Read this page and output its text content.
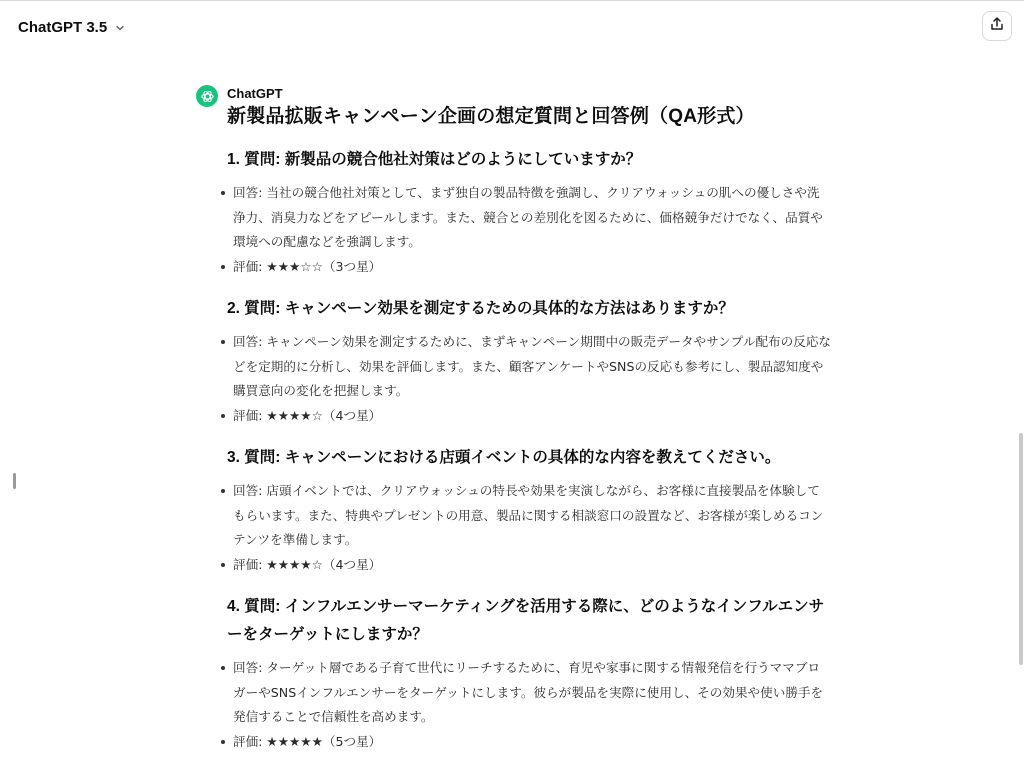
ChatGPT 3.5
ChatGPT
新製品拡販キャンペーン企画の想定質問と回答例（QA形式）
1. 質問: 新製品の競合他社対策はどのようにしていますか？
回答: 当社の競合他社対策として、まず独自の製品特徴を強調し、クリアウォッシュの肌への優しさや洗浄力、消臭力などをアピールします。また、競合との差別化を図るために、価格競争だけでなく、品質や環境への配慮などを強調します。
評価: ★★★☆☆（3つ星）
2. 質問: キャンペーン効果を測定するための具体的な方法はありますか？
回答: キャンペーン効果を測定するために、まずキャンペーン期間中の販売データやサンプル配布の反応などを定期的に分析し、効果を評価します。また、顧客アンケートやSNSの反応も参考にし、製品認知度や購買意向の変化を把握します。
評価: ★★★★☆（4つ星）
3. 質問: キャンペーンにおける店頭イベントの具体的な内容を教えてください。
回答: 店頭イベントでは、クリアウォッシュの特長や効果を実演しながら、お客様に直接製品を体験してもらいます。また、特典やプレゼントの用意、製品に関する相談窓口の設置など、お客様が楽しめるコンテンツを準備します。
評価: ★★★★☆（4つ星）
4. 質問: インフルエンサーマーケティングを活用する際に、どのようなインフルエンサーをターゲットにしますか？
回答: ターゲット層である子育て世代にリーチするために、育児や家事に関する情報発信を行うママブロガーやSNSインフルエンサーをターゲットにします。彼らが製品を実際に使用し、その効果や使い勝手を発信することで信頼性を高めます。
評価: ★★★★★（5つ星）
